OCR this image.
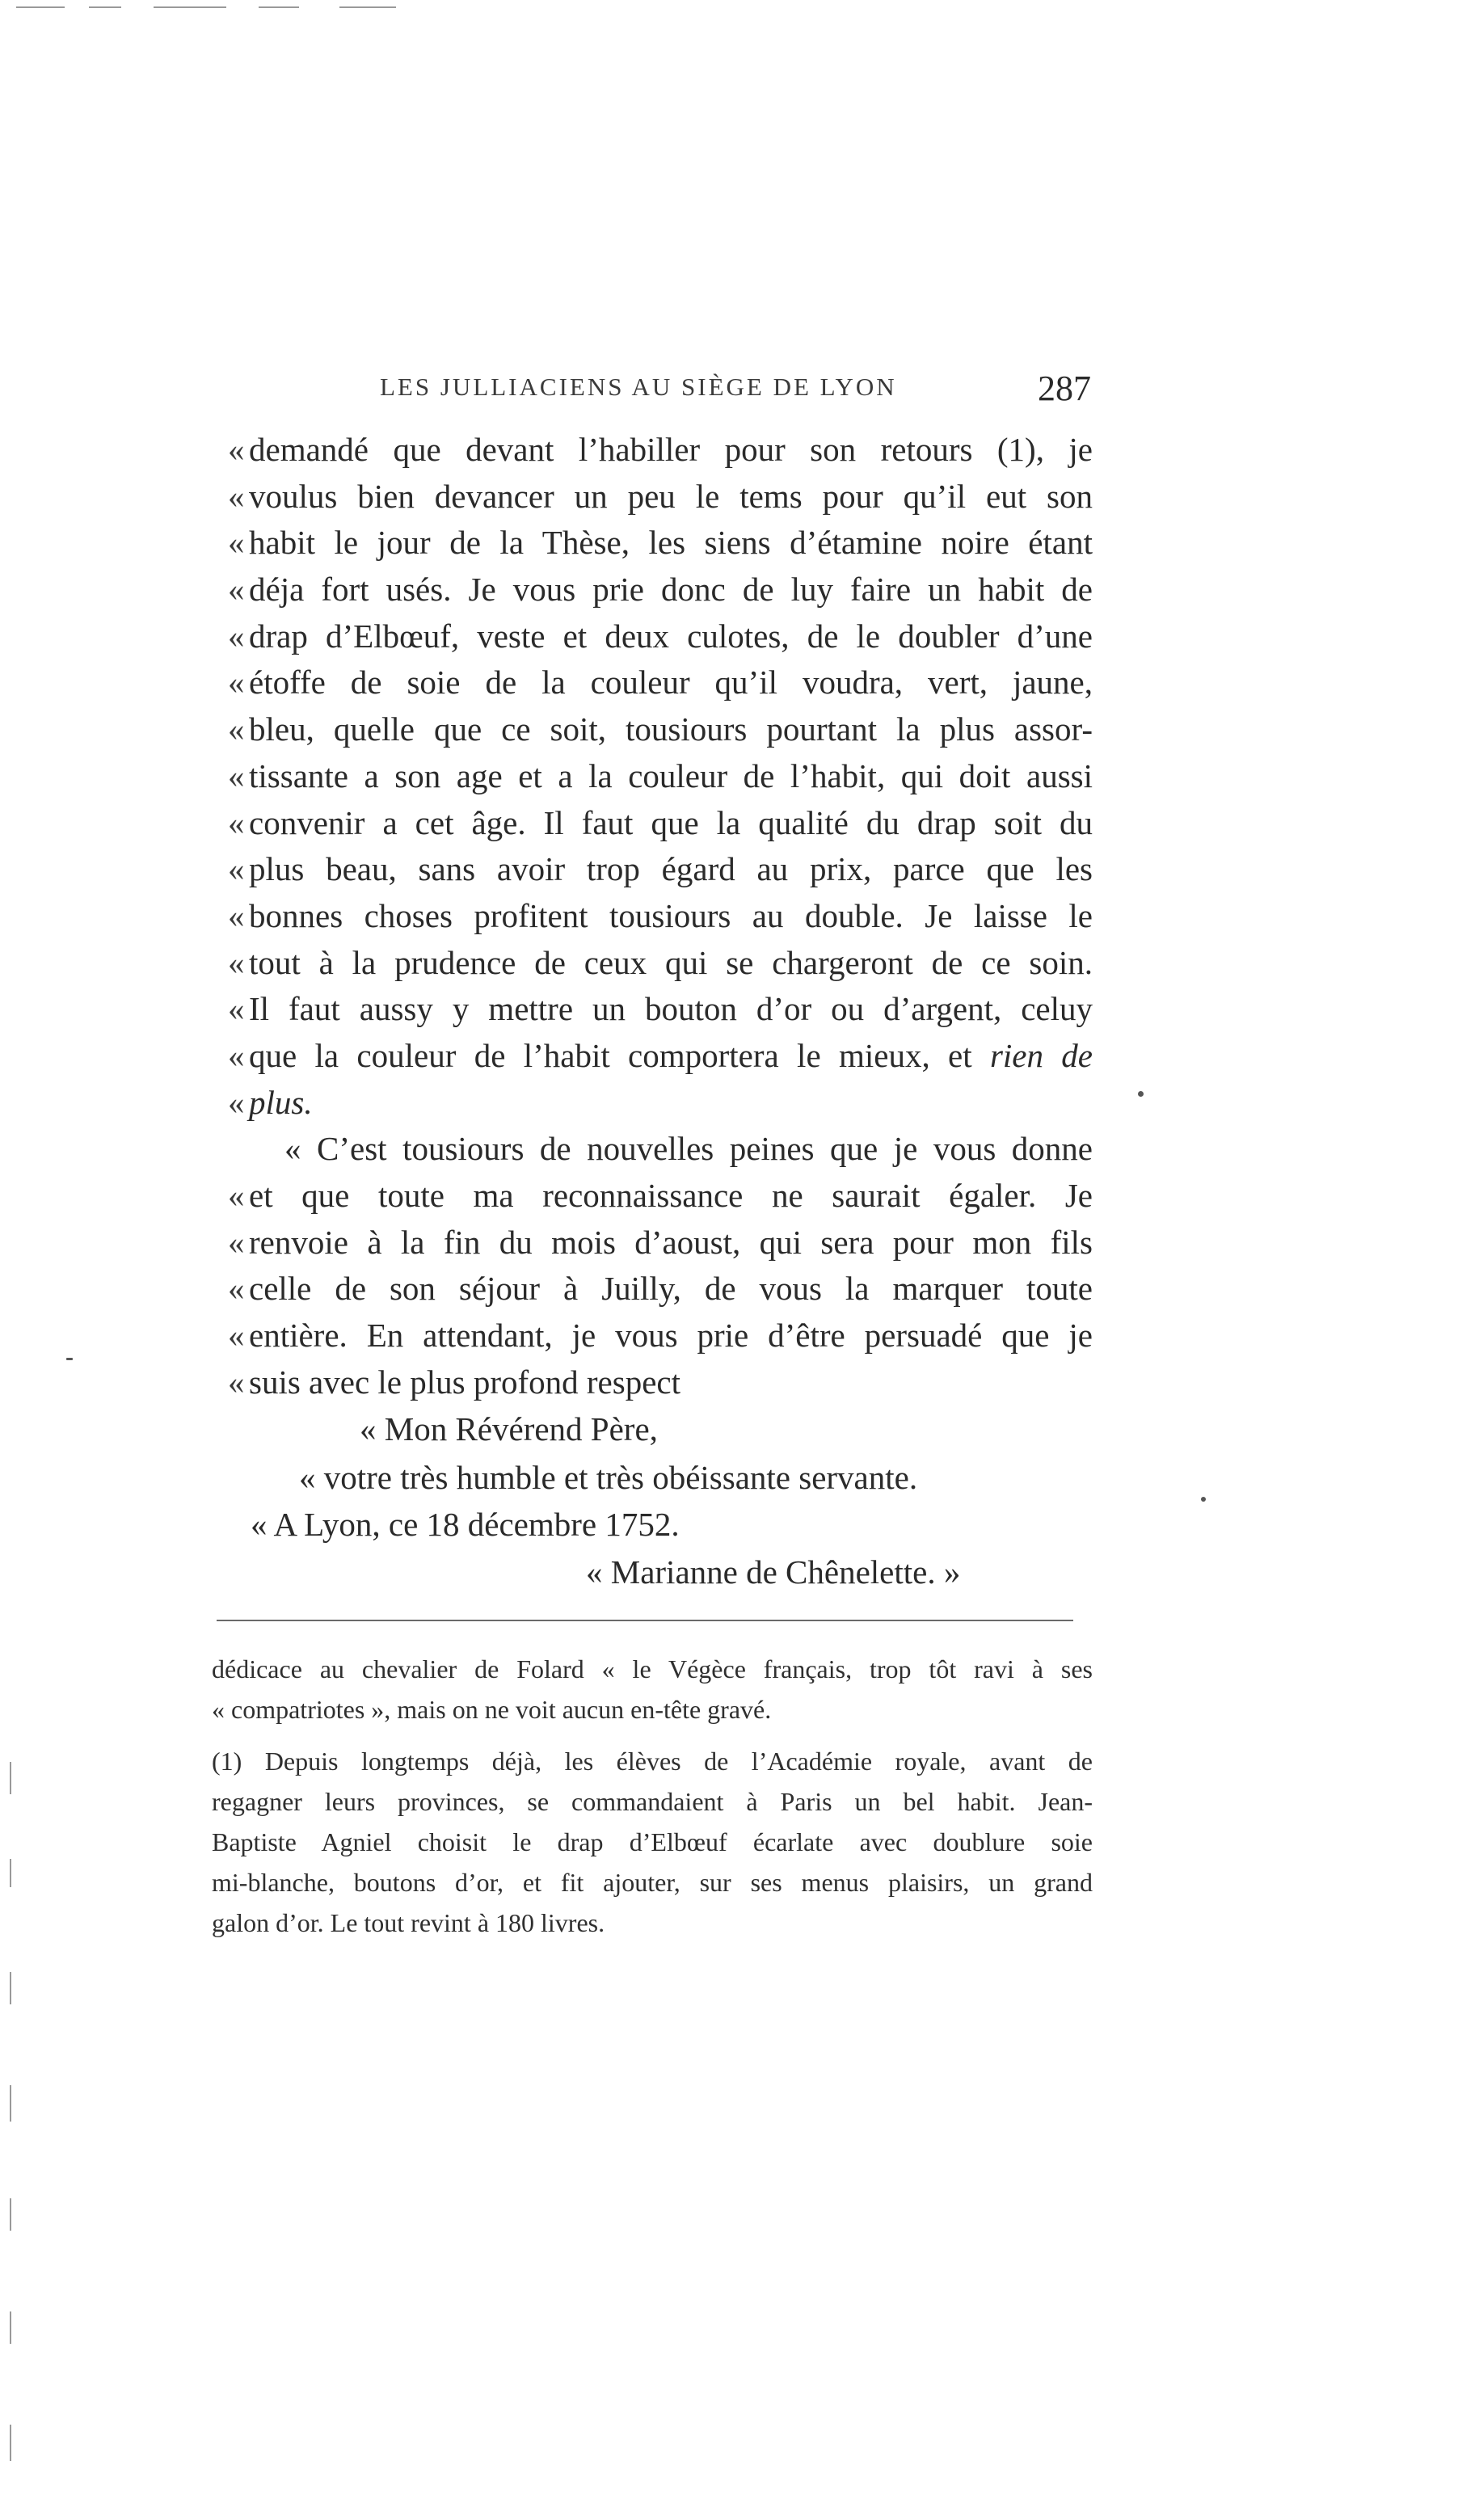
LES JULLIACIENS AU SIÈGE DE LYON	287
« demandé que devant l’habiller pour son retours (1), je
« voulus bien devancer un peu le tems pour qu’il eut son
« habit le jour de la Thèse, les siens d’étamine noire étant
« déja fort usés. Je vous prie donc de luy faire un habit de
« drap d’Elbœuf, veste et deux culotes, de le doubler d’une
« étoffe de soie de la couleur qu’il voudra, vert, jaune,
« bleu, quelle que ce soit, tousiours pourtant la plus assor-
« tissante a son age et a la couleur de l’habit, qui doit aussi
« convenir a cet âge. Il faut que la qualité du drap soit du
« plus beau, sans avoir trop égard au prix, parce que les
« bonnes choses profitent tousiours au double. Je laisse le
« tout à la prudence de ceux qui se chargeront de ce soin.
« Il faut aussy y mettre un bouton d’or ou d’argent, celuy
« que la couleur de l’habit comportera le mieux, et rien de
« plus.
« C’est tousiours de nouvelles peines que je vous donne
« et que toute ma reconnaissance ne saurait égaler. Je
« renvoie à la fin du mois d’aoust, qui sera pour mon fils
« celle de son séjour à Juilly, de vous la marquer toute
« entière. En attendant, je vous prie d’être persuadé que je
« suis avec le plus profond respect
« Mon Révérend Père,
« votre très humble et très obéissante servante.
« A Lyon, ce 18 décembre 1752.
« Marianne de Chênelette. »
dédicace au chevalier de Folard « le Végèce français, trop tôt ravi à ses
« compatriotes », mais on ne voit aucun en-tête gravé.
(1) Depuis longtemps déjà, les élèves de l’Académie royale, avant de
regagner leurs provinces, se commandaient à Paris un bel habit. Jean-
Baptiste Agniel choisit le drap d’Elbœuf écarlate avec doublure soie
mi-blanche, boutons d’or, et fit ajouter, sur ses menus plaisirs, un grand
galon d’or. Le tout revint à 180 livres.
